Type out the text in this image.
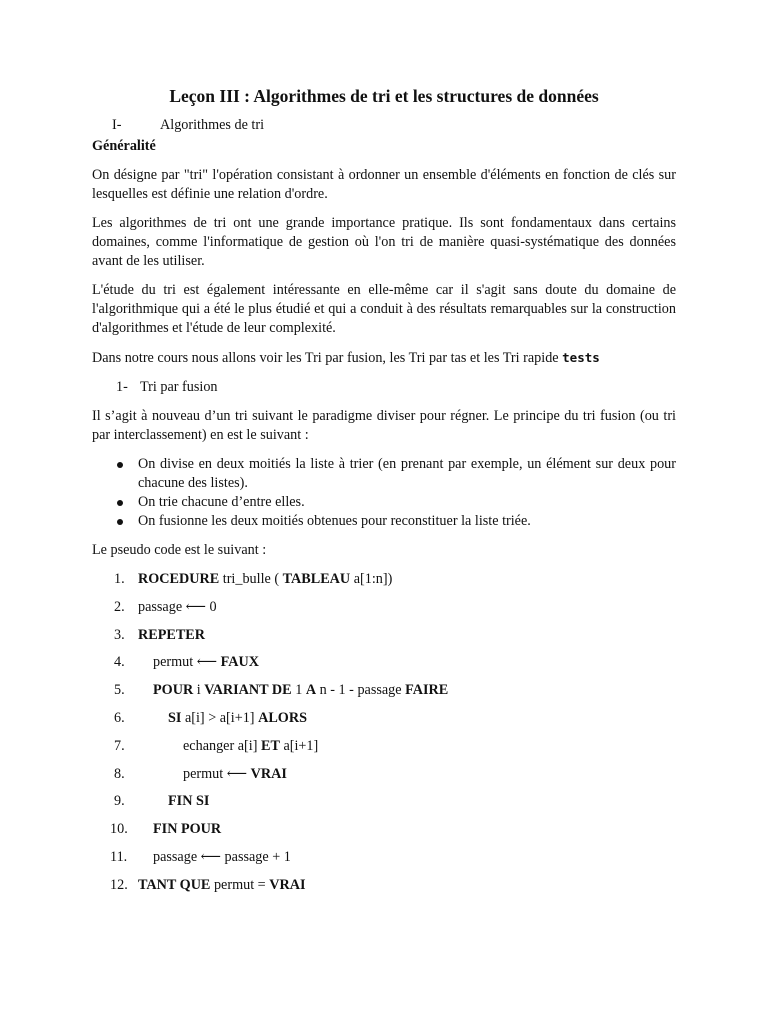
Leçon III : Algorithmes de tri et les structures de données
I-	Algorithmes de tri

Généralité

On désigne par "tri" l'opération consistant à ordonner un ensemble d'éléments en fonction de clés sur lesquelles est définie une relation d'ordre.

Les algorithmes de tri ont une grande importance pratique. Ils sont fondamentaux dans certains domaines, comme l'informatique de gestion où l'on tri de manière quasi-systématique des données avant de les utiliser.

L'étude du tri est également intéressante en elle-même car il s'agit sans doute du domaine de l'algorithmique qui a été le plus étudié et qui a conduit à des résultats remarquables sur la construction d'algorithmes et l'étude de leur complexité.

Dans notre cours nous allons voir les Tri par fusion, les Tri par tas et les Tri rapide tests

1- Tri par fusion

Il s’agit à nouveau d’un tri suivant le paradigme diviser pour régner. Le principe du tri fusion (ou tri par interclassement) en est le suivant :

On divise en deux moitiés la liste à trier (en prenant par exemple, un élément sur deux pour chacune des listes).
On trie chacune d’entre elles.
On fusionne les deux moitiés obtenues pour reconstituer la liste triée.

Le pseudo code est le suivant :

1. ROCEDURE tri_bulle ( TABLEAU a[1:n])
2. passage ⟵ 0
3. REPETER
4. permut ⟵ FAUX
5. POUR i VARIANT DE 1 A n - 1 - passage FAIRE
6.	SI a[i] > a[i+1] ALORS
7.	echanger a[i] ET a[i+1]
8.	permut ⟵ VRAI
9.	FIN SI
10. FIN POUR
11. passage ⟵ passage + 1
12. TANT QUE permut = VRAI
